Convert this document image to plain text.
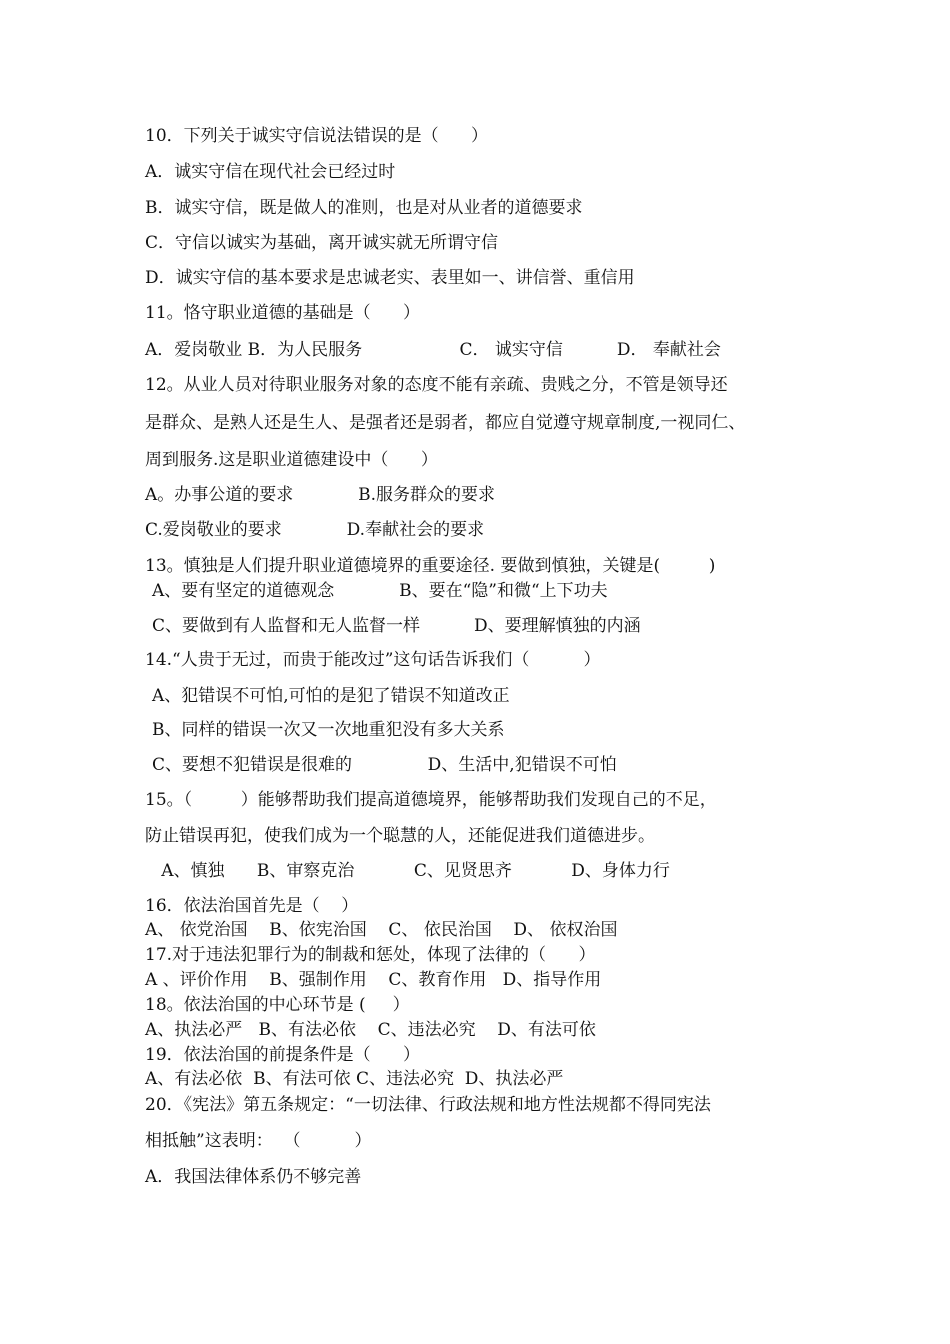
10．下列关于诚实守信说法错误的是（      ）
A．诚实守信在现代社会已经过时
B．诚实守信，既是做人的准则，也是对从业者的道德要求
C．守信以诚实为基础，离开诚实就无所谓守信
D．诚实守信的基本要求是忠诚老实、表里如一、讲信誉、重信用
11。恪守职业道德的基础是（      ）
A．爱岗敬业 B．为人民服务                  C． 诚实守信          D． 奉献社会
12。从业人员对待职业服务对象的态度不能有亲疏、贵贱之分，不管是领导还
是群众、是熟人还是生人、是强者还是弱者，都应自觉遵守规章制度,一视同仁、
周到服务.这是职业道德建设中（      ）
A。办事公道的要求            B.服务群众的要求
C.爱岗敬业的要求            D.奉献社会的要求
13。慎独是人们提升职业道德境界的重要途径. 要做到慎独，关键是(         )
A、要有坚定的道德观念            B、要在“隐”和微“上下功夫
C、要做到有人监督和无人监督一样          D、要理解慎独的内涵
14.“人贵于无过，而贵于能改过”这句话告诉我们（          ）
A、犯错误不可怕,可怕的是犯了错误不知道改正
B、同样的错误一次又一次地重犯没有多大关系
C、要想不犯错误是很难的              D、生活中,犯错误不可怕
15。（         ）能够帮助我们提高道德境界，能够帮助我们发现自己的不足，
防止错误再犯，使我们成为一个聪慧的人，还能促进我们道德进步。
A、慎独      B、审察克治           C、见贤思齐           D、身体力行
16．依法治国首先是（    ）
A、 依党治国    B、依宪治国    C、 依民治国    D、 依权治国
17.对于违法犯罪行为的制裁和惩处，体现了法律的（      ）
A 、评价作用    B、强制作用    C、教育作用   D、指导作用
18。依法治国的中心环节是 (     ）
A、执法必严   B、有法必依    C、违法必究    D、有法可依
19．依法治国的前提条件是（      ）
A、有法必依  B、有法可依 C、违法必究  D、执法必严
20．《宪法》第五条规定：“一切法律、行政法规和地方性法规都不得同宪法
相抵触”这表明：  （          ）
A．我国法律体系仍不够完善
